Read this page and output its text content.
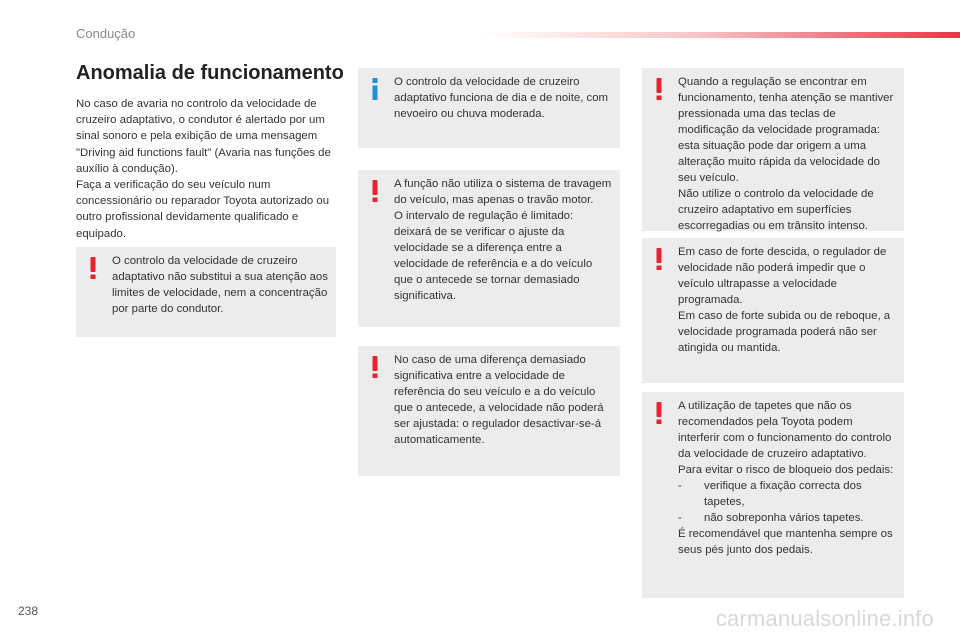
Condução
Anomalia de funcionamento

No caso de avaria no controlo da velocidade de cruzeiro adaptativo, o condutor é alertado por um sinal sonoro e pela exibição de uma mensagem "Driving aid functions fault" (Avaria nas funções de auxílio à condução).

Faça a verificação do seu veículo num concessionário ou reparador Toyota autorizado ou outro profissional devidamente qualificado e equipado.

O controlo da velocidade de cruzeiro adaptativo não substitui a sua atenção aos limites de velocidade, nem a concentração por parte do condutor.

O controlo da velocidade de cruzeiro adaptativo funciona de dia e de noite, com nevoeiro ou chuva moderada.

A função não utiliza o sistema de travagem do veículo, mas apenas o travão motor.

O intervalo de regulação é limitado: deixará de se verificar o ajuste da velocidade se a diferença entre a velocidade de referência e a do veículo que o antecede se tornar demasiado significativa.

No caso de uma diferença demasiado significativa entre a velocidade de referência do seu veículo e a do veículo que o antecede, a velocidade não poderá ser ajustada: o regulador desactivar-se-á automaticamente.

Quando a regulação se encontrar em funcionamento, tenha atenção se mantiver pressionada uma das teclas de modificação da velocidade programada: esta situação pode dar origem a uma alteração muito rápida da velocidade do seu veículo.

Não utilize o controlo da velocidade de cruzeiro adaptativo em superfícies escorregadias ou em trânsito intenso.

Em caso de forte descida, o regulador de velocidade não poderá impedir que o veículo ultrapasse a velocidade programada.

Em caso de forte subida ou de reboque, a velocidade programada poderá não ser atingida ou mantida.

A utilização de tapetes que não os recomendados pela Toyota podem interferir com o funcionamento do controlo da velocidade de cruzeiro adaptativo.

Para evitar o risco de bloqueio dos pedais:

-	verifique a fixação correcta dos tapetes,
-	não sobreponha vários tapetes.

É recomendável que mantenha sempre os seus pés junto dos pedais.

238	carmanualsonline.info
